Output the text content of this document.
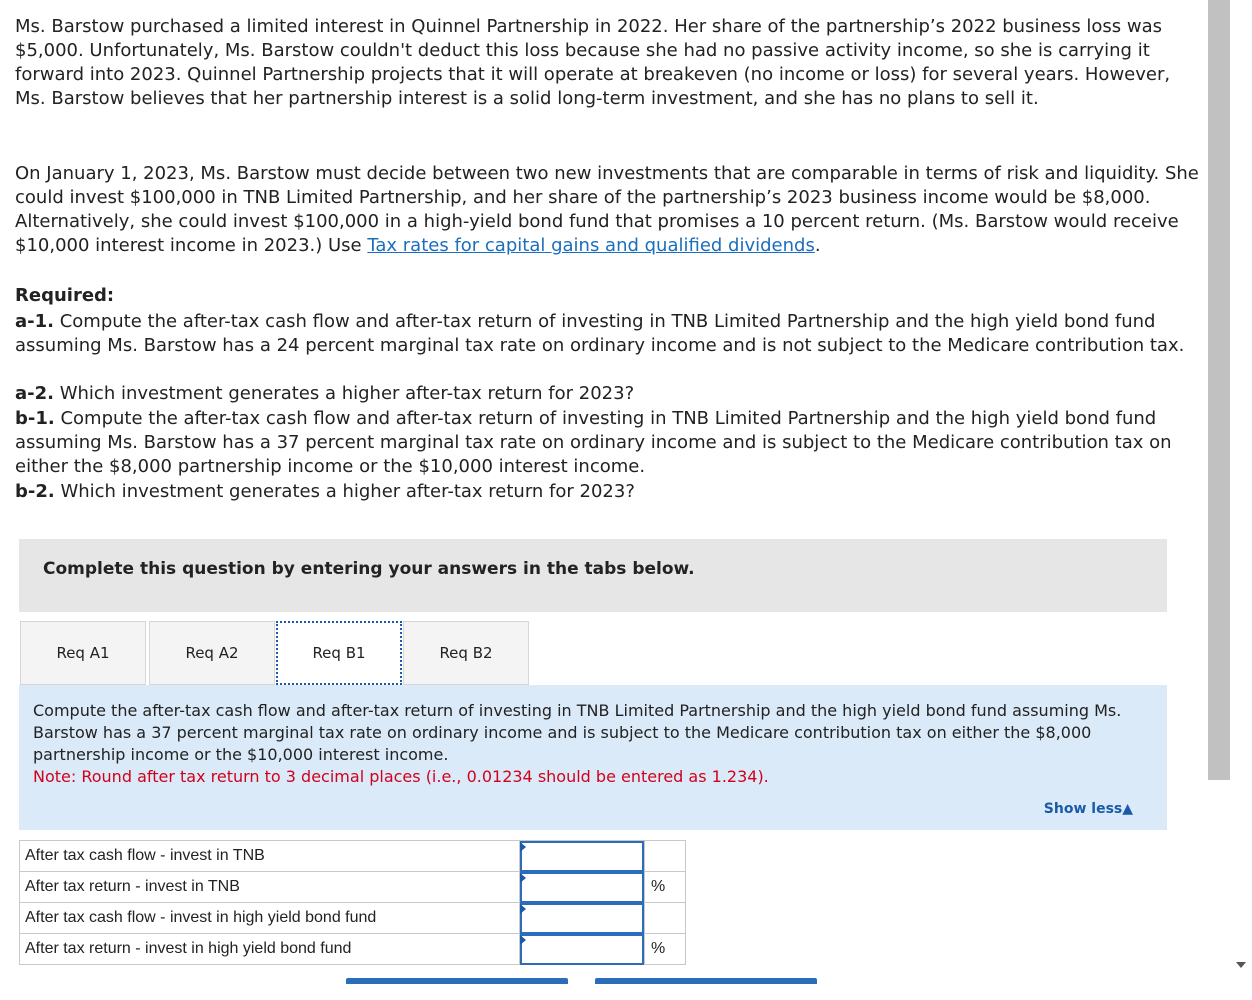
Ms. Barstow purchased a limited interest in Quinnel Partnership in 2022. Her share of the partnership’s 2022 business loss was $5,000. Unfortunately, Ms. Barstow couldn't deduct this loss because she had no passive activity income, so she is carrying it forward into 2023. Quinnel Partnership projects that it will operate at breakeven (no income or loss) for several years. However, Ms. Barstow believes that her partnership interest is a solid long-term investment, and she has no plans to sell it.

On January 1, 2023, Ms. Barstow must decide between two new investments that are comparable in terms of risk and liquidity. She could invest $100,000 in TNB Limited Partnership, and her share of the partnership’s 2023 business income would be $8,000. Alternatively, she could invest $100,000 in a high-yield bond fund that promises a 10 percent return. (Ms. Barstow would receive $10,000 interest income in 2023.) Use Tax rates for capital gains and qualified dividends.

Required:
a-1. Compute the after-tax cash flow and after-tax return of investing in TNB Limited Partnership and the high yield bond fund assuming Ms. Barstow has a 24 percent marginal tax rate on ordinary income and is not subject to the Medicare contribution tax.
a-2. Which investment generates a higher after-tax return for 2023?
b-1. Compute the after-tax cash flow and after-tax return of investing in TNB Limited Partnership and the high yield bond fund assuming Ms. Barstow has a 37 percent marginal tax rate on ordinary income and is subject to the Medicare contribution tax on either the $8,000 partnership income or the $10,000 interest income.
b-2. Which investment generates a higher after-tax return for 2023?
Complete this question by entering your answers in the tabs below.
Req A1	Req A2	Req B1	Req B2

Compute the after-tax cash flow and after-tax return of investing in TNB Limited Partnership and the high yield bond fund assuming Ms. Barstow has a 37 percent marginal tax rate on ordinary income and is subject to the Medicare contribution tax on either the $8,000 partnership income or the $10,000 interest income.
Note: Round after tax return to 3 decimal places (i.e., 0.01234 should be entered as 1.234).

Show less▲
After tax cash flow - invest in TNB	

After tax return - invest in TNB		%
After tax cash flow - invest in high yield bond fund	

After tax return - invest in high yield bond fund		%
